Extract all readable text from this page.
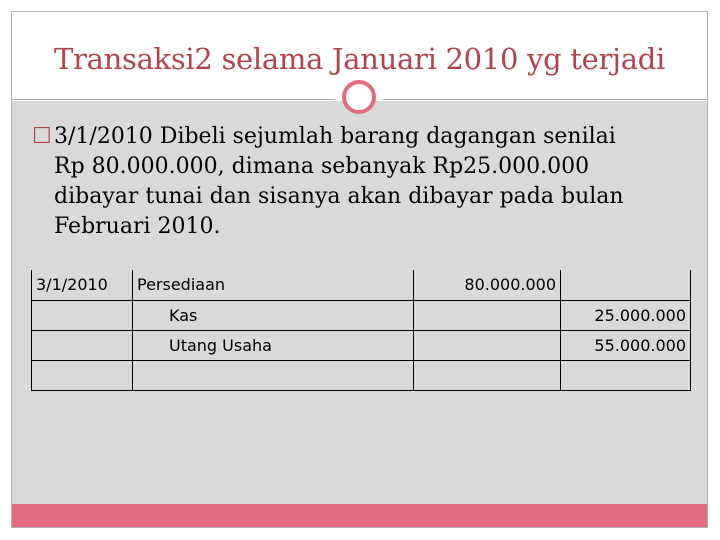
Transaksi2 selama Januari 2010 yg terjadi
☐ 3/1/2010 Dibeli sejumlah barang dagangan senilai
Rp 80.000.000, dimana sebanyak Rp25.000.000
dibayar tunai dan sisanya akan dibayar pada bulan
Februari 2010.
3/1/2010	Persediaan	80.000.000	
	Kas		25.000.000
	Utang Usaha		55.000.000
